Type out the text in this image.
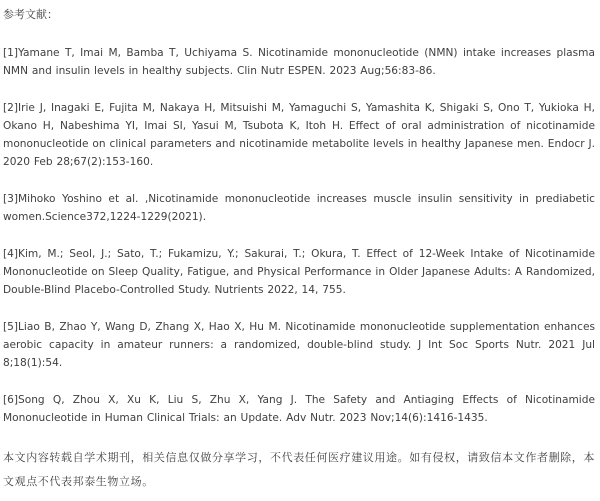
参考文献：

[1]Yamane T, Imai M, Bamba T, Uchiyama S. Nicotinamide mononucleotide (NMN) intake increases plasma NMN and insulin levels in healthy subjects. Clin Nutr ESPEN. 2023 Aug;56:83-86.
[2]Irie J, Inagaki E, Fujita M, Nakaya H, Mitsuishi M, Yamaguchi S, Yamashita K, Shigaki S, Ono T, Yukioka H, Okano H, Nabeshima YI, Imai SI, Yasui M, Tsubota K, Itoh H. Effect of oral administration of nicotinamide mononucleotide on clinical parameters and nicotinamide metabolite levels in healthy Japanese men. Endocr J. 2020 Feb 28;67(2):153-160.
[3]Mihoko Yoshino et al. ,Nicotinamide mononucleotide increases muscle insulin sensitivity in prediabetic women.Science372,1224-1229(2021).
[4]Kim, M.; Seol, J.; Sato, T.; Fukamizu, Y.; Sakurai, T.; Okura, T. Effect of 12-Week Intake of Nicotinamide Mononucleotide on Sleep Quality, Fatigue, and Physical Performance in Older Japanese Adults: A Randomized, Double-Blind Placebo-Controlled Study. Nutrients 2022, 14, 755.
[5]Liao B, Zhao Y, Wang D, Zhang X, Hao X, Hu M. Nicotinamide mononucleotide supplementation enhances aerobic capacity in amateur runners: a randomized, double-blind study. J Int Soc Sports Nutr. 2021 Jul 8;18(1):54.
[6]Song Q, Zhou X, Xu K, Liu S, Zhu X, Yang J. The Safety and Antiaging Effects of Nicotinamide Mononucleotide in Human Clinical Trials: an Update. Adv Nutr. 2023 Nov;14(6):1416-1435.

本文内容转载自学术期刊，相关信息仅做分享学习，不代表任何医疗建议用途。如有侵权，请致信本文作者删除，本文观点不代表邦泰生物立场。
